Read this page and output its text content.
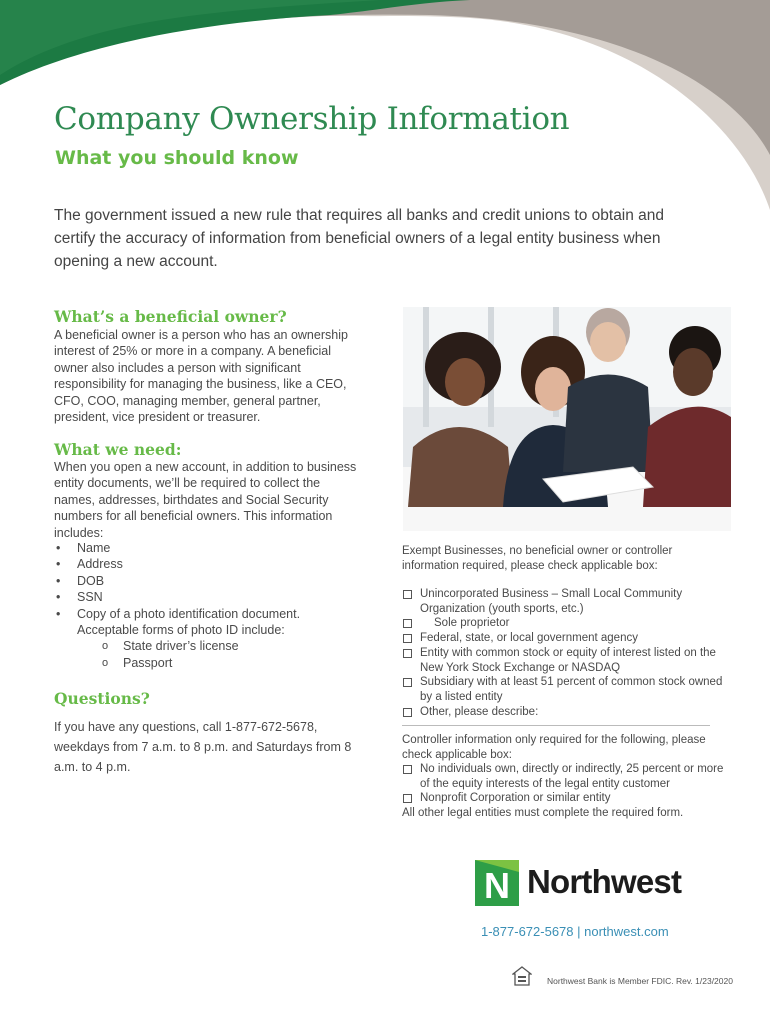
Company Ownership Information
What you should know

The government issued a new rule that requires all banks and credit unions to obtain and certify the accuracy of information from beneficial owners of a legal entity business when opening a new account.

What’s a beneficial owner?

A beneficial owner is a person who has an ownership interest of 25% or more in a company. A beneficial owner also includes a person with significant responsibility for managing the business, like a CEO, CFO, COO, managing member, general partner, president, vice president or treasurer.

What we need:

When you open a new account, in addition to business entity documents, we’ll be required to collect the names, addresses, birthdates and Social Security numbers for all beneficial owners. This information includes:

• Name
• Address
• DOB
• SSN
• Copy of a photo identification document. Acceptable forms of photo ID include:
o State driver’s license
o Passport
Questions?

If you have any questions, call 1-877-672-5678, weekdays from 7 a.m. to 8 p.m. and Saturdays from 8 a.m. to 4 p.m.

Exempt Businesses, no beneficial owner or controller information required, please check applicable box:

Unincorporated Business – Small Local Community Organization (youth sports, etc.)
Sole proprietor
Federal, state, or local government agency
Entity with common stock or equity of interest listed on the New York Stock Exchange or NASDAQ
Subsidiary with at least 51 percent of common stock owned by a listed entity
Other, please describe:

Controller information only required for the following, please check applicable box:

No individuals own, directly or indirectly, 25 percent or more of the equity interests of the legal entity customer
Nonprofit Corporation or similar entity

All other legal entities must complete the required form.

N Northwest

1-877-672-5678 | northwest.com

Northwest Bank is Member FDIC. Rev. 1/23/2020
